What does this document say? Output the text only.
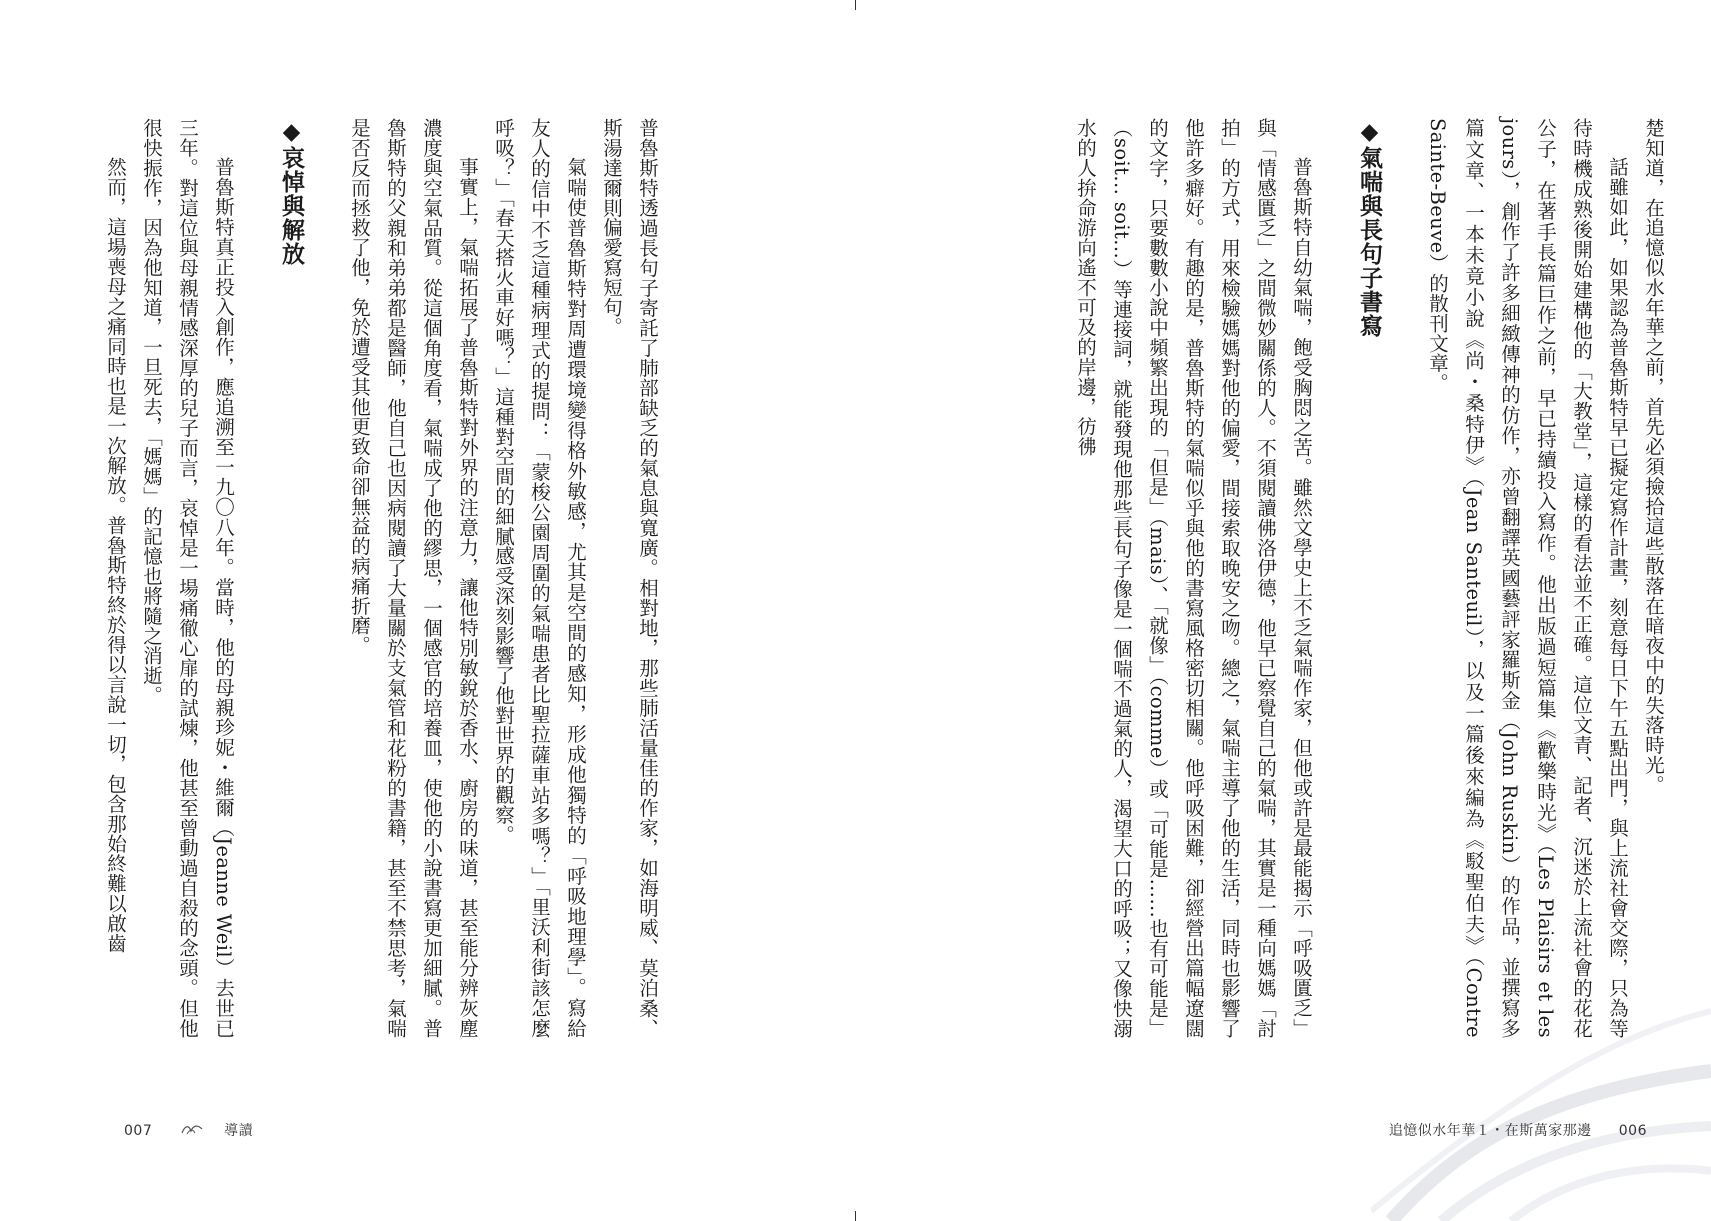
楚知道，在追憶似水年華之前，首先必須撿拾這些散落在暗夜中的失落時光。

話雖如此，如果認為普魯斯特早已擬定寫作計畫，刻意每日下午五點出門，與上流社會交際，只為等待時機成熟後開始建構他的「大教堂」，這樣的看法並不正確。這位文青、記者、沉迷於上流社會的花花公子，在著手長篇巨作之前，早已持續投入寫作。他出版過短篇集《歡樂時光》（Les Plaisirs et les jours），創作了許多細緻傳神的仿作，亦曾翻譯英國藝評家羅斯金（John Ruskin）的作品，並撰寫多篇文章、一本未竟小說《尚・桑特伊》（Jean Santeuil），以及一篇後來編為《駁聖伯夫》（Contre Sainte-Beuve）的散刊文章。

◆氣喘與長句子書寫

普魯斯特自幼氣喘，飽受胸悶之苦。雖然文學史上不乏氣喘作家，但他或許是最能揭示「呼吸匱乏」與「情感匱乏」之間微妙關係的人。不須閱讀佛洛伊德，他早已察覺自己的氣喘，其實是一種向媽媽「討拍」的方式，用來檢驗媽媽對他的偏愛，間接索取晚安之吻。總之，氣喘主導了他的生活，同時也影響了他許多癖好。有趣的是，普魯斯特的氣喘似乎與他的書寫風格密切相關。他呼吸困難，卻經營出篇幅遼闊的文字，只要數數小說中頻繁出現的「但是」（mais）、「就像」（comme）或「可能是……也有可能是」（soit... soit...）等連接詞，就能發現他那些長句子像是一個喘不過氣的人，渴望大口的呼吸；又像快溺水的人拚命游向遙不可及的岸邊，彷彿

追憶似水年華１・在斯萬家那邊 006

普魯斯特透過長句子寄託了肺部缺乏的氣息與寬廣。相對地，那些肺活量佳的作家，如海明威、莫泊桑、斯湯達爾則偏愛寫短句。

氣喘使普魯斯特對周遭環境變得格外敏感，尤其是空間的感知，形成他獨特的「呼吸地理學」。寫給友人的信中不乏這種病理式的提問：「蒙梭公園周圍的氣喘患者比聖拉薩車站多嗎？」「里沃利街該怎麼呼吸？」「春天搭火車好嗎？」這種對空間的細膩感受深刻影響了他對世界的觀察。

事實上，氣喘拓展了普魯斯特對外界的注意力，讓他特別敏銳於香水、廚房的味道，甚至能分辨灰塵濃度與空氣品質。從這個角度看，氣喘成了他的繆思，一個感官的培養皿，使他的小說書寫更加細膩。普魯斯特的父親和弟弟都是醫師，他自己也因病閱讀了大量關於支氣管和花粉的書籍，甚至不禁思考，氣喘是否反而拯救了他，免於遭受其他更致命卻無益的病痛折磨。

◆哀悼與解放

普魯斯特真正投入創作，應追溯至一九〇八年。當時，他的母親珍妮・維爾（Jeanne Weil）去世已三年。對這位與母親情感深厚的兒子而言，哀悼是一場痛徹心扉的試煉，他甚至曾動過自殺的念頭。但他很快振作，因為他知道，一旦死去，「媽媽」的記憶也將隨之消逝。

然而，這場喪母之痛同時也是一次解放。普魯斯特終於得以言說一切，包含那始終難以啟齒

007	導讀
